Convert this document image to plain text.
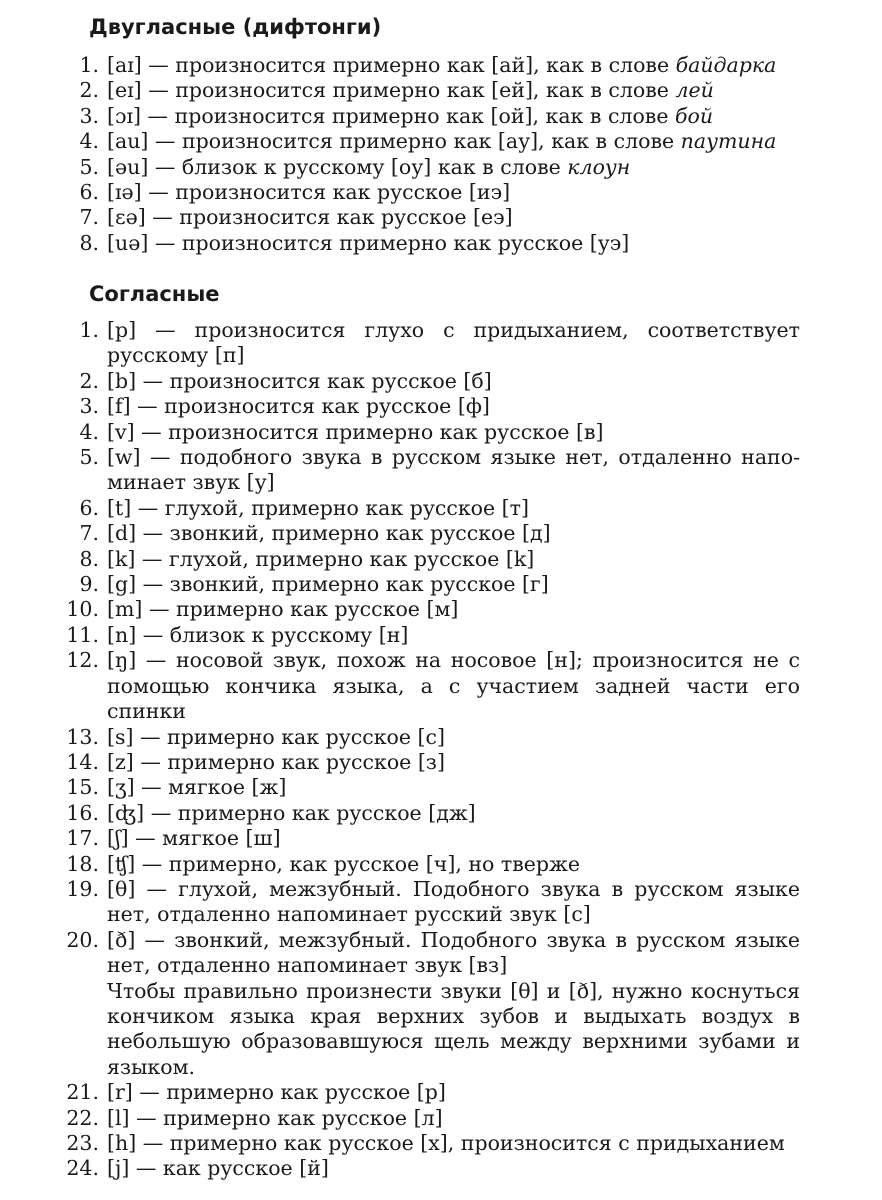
Двугласные (дифтонги)
1. [aɪ] — произносится примерно как [ай], как в слове байдарка
2. [eɪ] — произносится примерно как [ей], как в слове лей
3. [ɔɪ] — произносится примерно как [ой], как в слове бой
4. [au] — произносится примерно как [ау], как в слове паутина
5. [əu] — близок к русскому [оу] как в слове клоун
6. [ɪə] — произносится как русское [иэ]
7. [ɛə] — произносится как русское [еэ]
8. [uə] — произносится примерно как русское [уэ]
Согласные
1. [p] — произносится глухо с придыханием, соответствует русскому [п]
2. [b] — произносится как русское [б]
3. [f] — произносится как русское [ф]
4. [v] — произносится примерно как русское [в]
5. [w] — подобного звука в русском языке нет, отдаленно напоминает звук [у]
6. [t] — глухой, примерно как русское [т]
7. [d] — звонкий, примерно как русское [д]
8. [k] — глухой, примерно как русское [k]
9. [g] — звонкий, примерно как русское [г]
10. [m] — примерно как русское [м]
11. [n] — близок к русскому [н]
12. [ŋ] — носовой звук, похож на носовое [н]; произносится не с помощью кончика языка, а с участием задней части его спинки
13. [s] — примерно как русское [с]
14. [z] — примерно как русское [з]
15. [ʒ] — мягкое [ж]
16. [ʤ] — примерно как русское [дж]
17. [ʃ] — мягкое [ш]
18. [ʧ] — примерно, как русское [ч], но тверже
19. [θ] — глухой, межзубный. Подобного звука в русском языке нет, отдаленно напоминает русский звук [с]
20. [ð] — звонкий, межзубный. Подобного звука в русском языке нет, отдаленно напоминает звук [вз]
Чтобы правильно произнести звуки [θ] и [ð], нужно коснуться кончиком языка края верхних зубов и выдыхать воздух в небольшую образовавшуюся щель между верхними зубами и языком.
21. [r] — примерно как русское [р]
22. [l] — примерно как русское [л]
23. [h] — примерно как русское [х], произносится с придыханием
24. [j] — как русское [й]
